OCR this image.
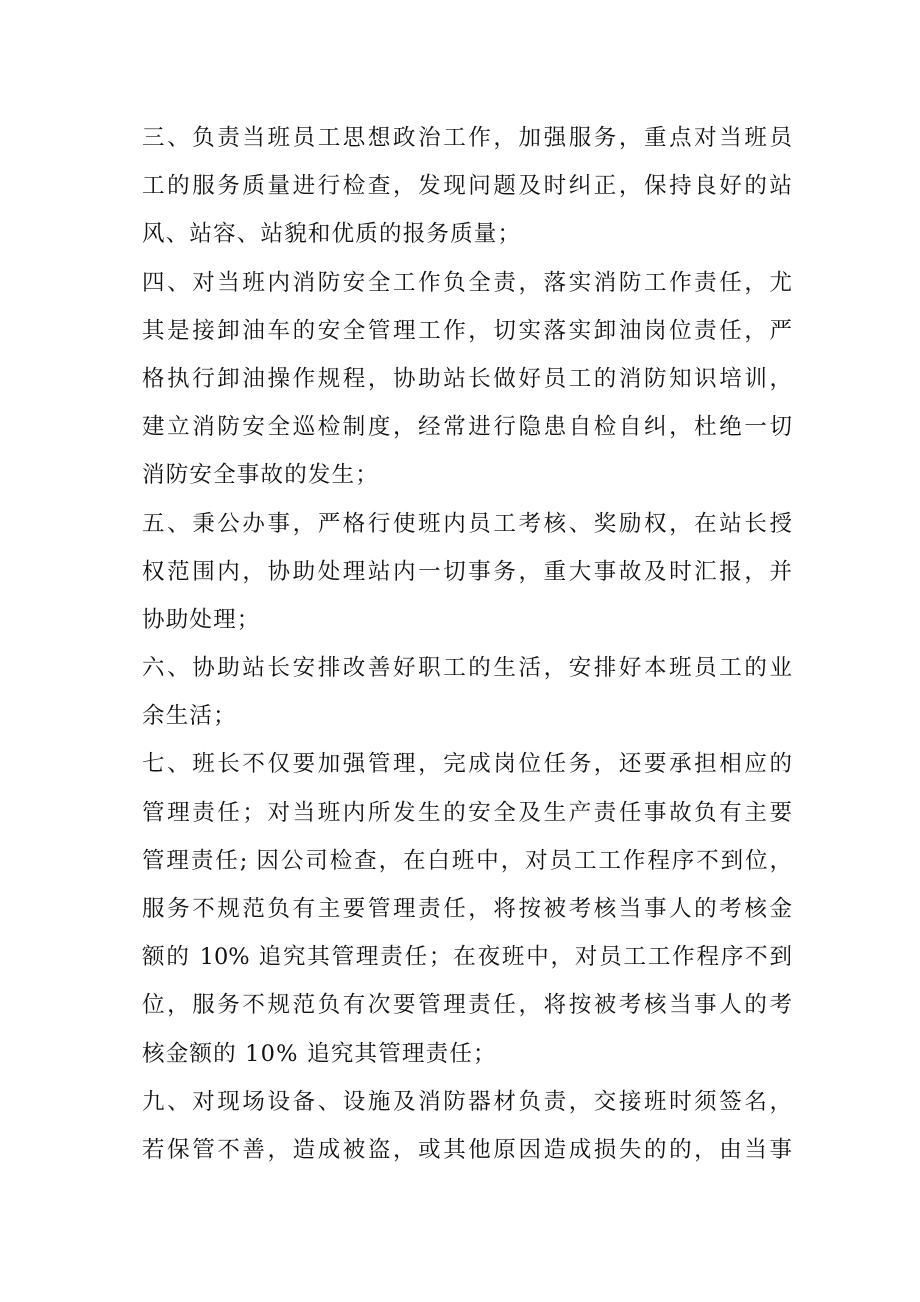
三、负责当班员工思想政治工作，加强服务，重点对当班员
工的服务质量进行检查，发现问题及时纠正，保持良好的站
风、站容、站貌和优质的报务质量；
四、对当班内消防安全工作负全责，落实消防工作责任，尤
其是接卸油车的安全管理工作，切实落实卸油岗位责任，严
格执行卸油操作规程，协助站长做好员工的消防知识培训，
建立消防安全巡检制度，经常进行隐患自检自纠，杜绝一切
消防安全事故的发生；
五、秉公办事，严格行使班内员工考核、奖励权，在站长授
权范围内，协助处理站内一切事务，重大事故及时汇报，并
协助处理；
六、协助站长安排改善好职工的生活，安排好本班员工的业
余生活；
七、班长不仅要加强管理，完成岗位任务，还要承担相应的
管理责任；对当班内所发生的安全及生产责任事故负有主要
管理责任; 因公司检查，在白班中，对员工工作程序不到位，
服务不规范负有主要管理责任，将按被考核当事人的考核金
额的 10% 追究其管理责任；在夜班中，对员工工作程序不到
位，服务不规范负有次要管理责任，将按被考核当事人的考
核金额的 10% 追究其管理责任；
九、对现场设备、设施及消防器材负责，交接班时须签名，
若保管不善，造成被盗，或其他原因造成损失的的，由当事
